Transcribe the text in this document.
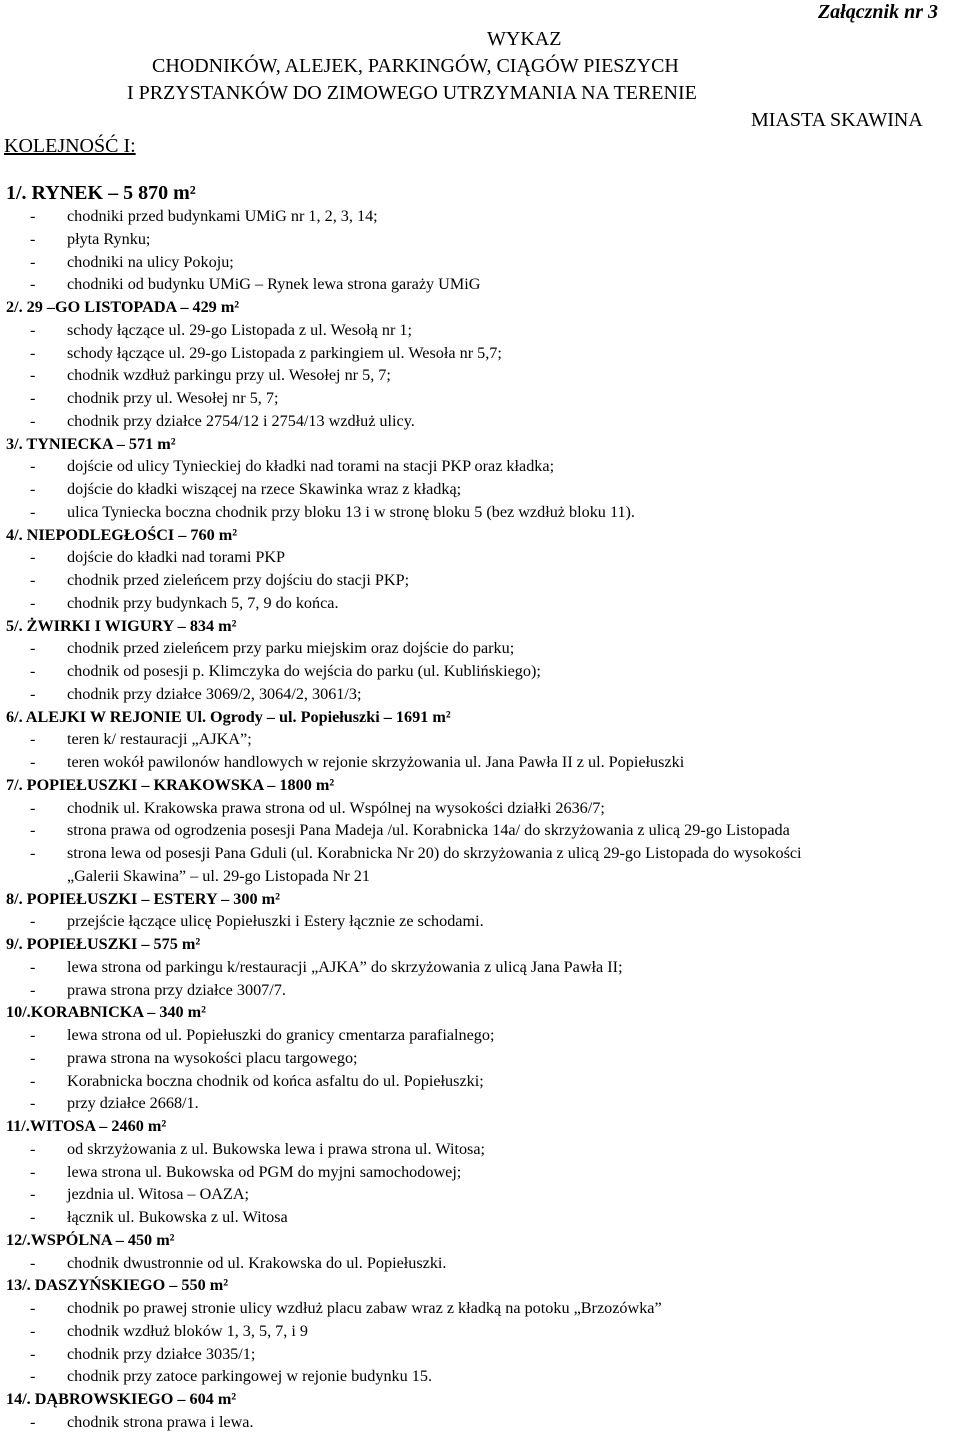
Załącznik nr 3
WYKAZ
CHODNIKÓW, ALEJEK, PARKINGÓW, CIĄGÓW PIESZYCH
I PRZYSTANKÓW DO ZIMOWEGO UTRZYMANIA NA TERENIE
MIASTA SKAWINA
KOLEJNOŚĆ I:
1/. RYNEK – 5 870 m²
- chodniki przed budynkami UMiG nr 1, 2, 3, 14;
- płyta Rynku;
- chodniki na ulicy Pokoju;
- chodniki od budynku UMiG – Rynek lewa strona garaży UMiG
2/. 29 –GO LISTOPADA – 429 m²
- schody łączące ul. 29-go Listopada z ul. Wesołą nr 1;
- schody łączące ul. 29-go Listopada z parkingiem ul. Wesoła nr 5,7;
- chodnik wzdłuż parkingu przy ul. Wesołej nr 5, 7;
- chodnik przy ul. Wesołej nr 5, 7;
- chodnik przy działce 2754/12 i 2754/13 wzdłuż ulicy.
3/. TYNIECKA – 571 m²
- dojście od ulicy Tynieckiej do kładki nad torami na stacji PKP oraz kładka;
- dojście do kładki wiszącej na rzece Skawinka wraz z kładką;
- ulica Tyniecka boczna chodnik przy bloku 13 i w stronę bloku 5 (bez wzdłuż bloku 11).
4/. NIEPODLEGŁOŚCI – 760 m²
- dojście do kładki nad torami PKP
- chodnik przed zieleńcem przy dojściu do stacji PKP;
- chodnik przy budynkach 5, 7, 9 do końca.
5/. ŻWIRKI I WIGURY – 834 m²
- chodnik przed zieleńcem przy parku miejskim oraz dojście do parku;
- chodnik od posesji p. Klimczyka do wejścia do parku (ul. Kublińskiego);
- chodnik przy działce 3069/2, 3064/2, 3061/3;
6/. ALEJKI W REJONIE Ul. Ogrody – ul. Popiełuszki – 1691 m²
- teren k/ restauracji „AJKA”;
- teren wokół pawilonów handlowych w rejonie skrzyżowania ul. Jana Pawła II z ul. Popiełuszki
7/. POPIEŁUSZKI – KRAKOWSKA – 1800 m²
- chodnik ul. Krakowska prawa strona od ul. Wspólnej na wysokości działki 2636/7;
- strona prawa od ogrodzenia posesji Pana Madeja /ul. Korabnicka 14a/ do skrzyżowania z ulicą 29-go Listopada
- strona lewa od posesji Pana Gduli (ul. Korabnicka Nr 20) do skrzyżowania z ulicą 29-go Listopada do wysokości
„Galerii Skawina” – ul. 29-go Listopada Nr 21
8/. POPIEŁUSZKI – ESTERY – 300 m²
- przejście łączące ulicę Popiełuszki i Estery łącznie ze schodami.
9/. POPIEŁUSZKI – 575 m²
- lewa strona od parkingu k/restauracji „AJKA” do skrzyżowania z ulicą Jana Pawła II;
- prawa strona przy działce 3007/7.
10/.KORABNICKA – 340 m²
- lewa strona od ul. Popiełuszki do granicy cmentarza parafialnego;
- prawa strona na wysokości placu targowego;
- Korabnicka boczna chodnik od końca asfaltu do ul. Popiełuszki;
- przy działce 2668/1.
11/.WITOSA – 2460 m²
- od skrzyżowania z ul. Bukowska lewa i prawa strona ul. Witosa;
- lewa strona ul. Bukowska od PGM do myjni samochodowej;
- jezdnia ul. Witosa – OAZA;
- łącznik ul. Bukowska z ul. Witosa
12/.WSPÓLNA – 450 m²
- chodnik dwustronnie od ul. Krakowska do ul. Popiełuszki.
13/. DASZYŃSKIEGO – 550 m²
- chodnik po prawej stronie ulicy wzdłuż placu zabaw wraz z kładką na potoku „Brzozówka”
- chodnik wzdłuż bloków 1, 3, 5, 7, i 9
- chodnik przy działce 3035/1;
- chodnik przy zatoce parkingowej w rejonie budynku 15.
14/. DĄBROWSKIEGO – 604 m²
- chodnik strona prawa i lewa.
